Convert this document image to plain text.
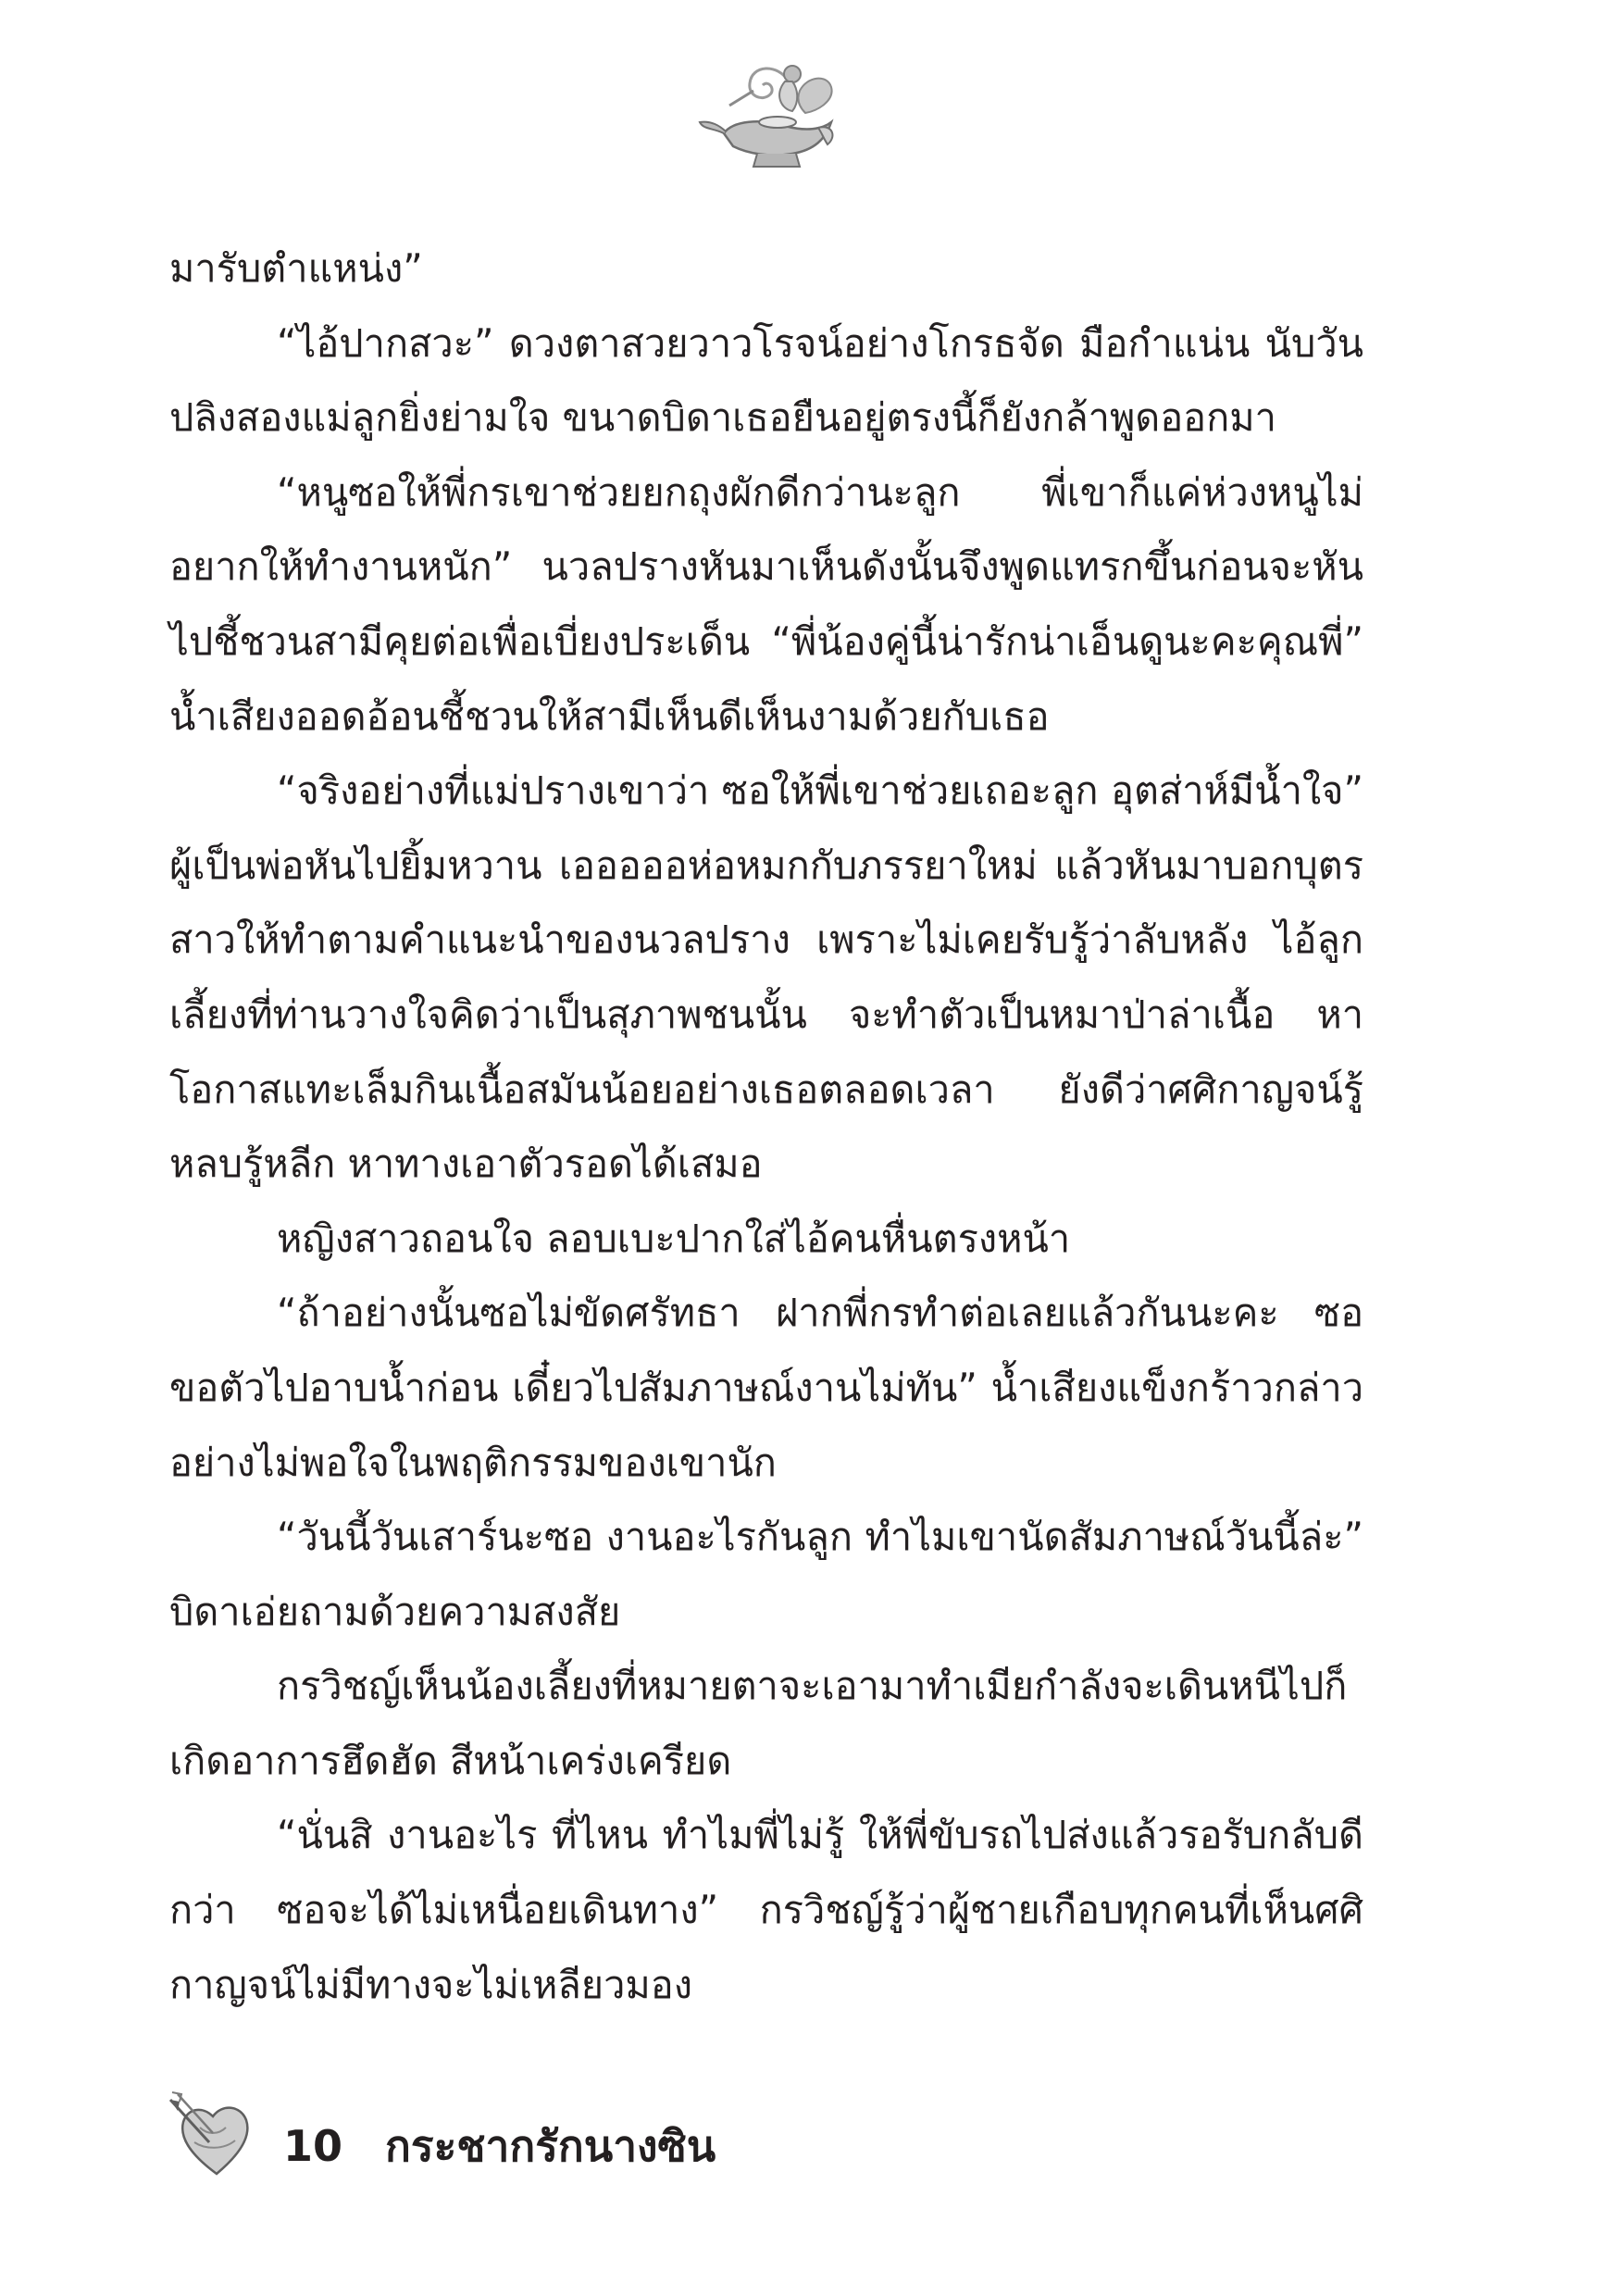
มารับตำแหน่ง”

“ไอ้ปากสวะ” ดวงตาสวยวาวโรจน์อย่างโกรธจัด มือกำแน่น นับวันปลิงสองแม่ลูกยิ่งย่ามใจ ขนาดบิดาเธอยืนอยู่ตรงนี้ก็ยังกล้าพูดออกมา

“หนูซอให้พี่กรเขาช่วยยกถุงผักดีกว่านะลูก พี่เขาก็แค่ห่วงหนูไม่อยากให้ทำงานหนัก” นวลปรางหันมาเห็นดังนั้นจึงพูดแทรกขึ้นก่อนจะหันไปชี้ชวนสามีคุยต่อเพื่อเบี่ยงประเด็น “พี่น้องคู่นี้น่ารักน่าเอ็นดูนะคะคุณพี่” น้ำเสียงออดอ้อนชี้ชวนให้สามีเห็นดีเห็นงามด้วยกับเธอ

“จริงอย่างที่แม่ปรางเขาว่า ซอให้พี่เขาช่วยเถอะลูก อุตส่าห์มีน้ำใจ” ผู้เป็นพ่อหันไปยิ้มหวาน เอออออห่อหมกกับภรรยาใหม่ แล้วหันมาบอกบุตรสาวให้ทำตามคำแนะนำของนวลปราง เพราะไม่เคยรับรู้ว่าลับหลัง ไอ้ลูกเลี้ยงที่ท่านวางใจคิดว่าเป็นสุภาพชนนั้น จะทำตัวเป็นหมาป่าล่าเนื้อ หาโอกาสแทะเล็มกินเนื้อสมันน้อยอย่างเธอตลอดเวลา ยังดีว่าศศิกาญจน์รู้หลบรู้หลีก หาทางเอาตัวรอดได้เสมอ

หญิงสาวถอนใจ ลอบเบะปากใส่ไอ้คนหื่นตรงหน้า

“ถ้าอย่างนั้นซอไม่ขัดศรัทธา ฝากพี่กรทำต่อเลยแล้วกันนะคะ ซอขอตัวไปอาบน้ำก่อน เดี๋ยวไปสัมภาษณ์งานไม่ทัน” น้ำเสียงแข็งกร้าวกล่าวอย่างไม่พอใจในพฤติกรรมของเขานัก

“วันนี้วันเสาร์นะซอ งานอะไรกันลูก ทำไมเขานัดสัมภาษณ์วันนี้ล่ะ” บิดาเอ่ยถามด้วยความสงสัย

กรวิชญ์เห็นน้องเลี้ยงที่หมายตาจะเอามาทำเมียกำลังจะเดินหนีไปก็เกิดอาการฮึดฮัด สีหน้าเคร่งเครียด

“นั่นสิ งานอะไร ที่ไหน ทำไมพี่ไม่รู้ ให้พี่ขับรถไปส่งแล้วรอรับกลับดีกว่า ซอจะได้ไม่เหนื่อยเดินทาง” กรวิชญ์รู้ว่าผู้ชายเกือบทุกคนที่เห็นศศิกาญจน์ไม่มีทางจะไม่เหลียวมอง

10 กระชากรักนางซิน
